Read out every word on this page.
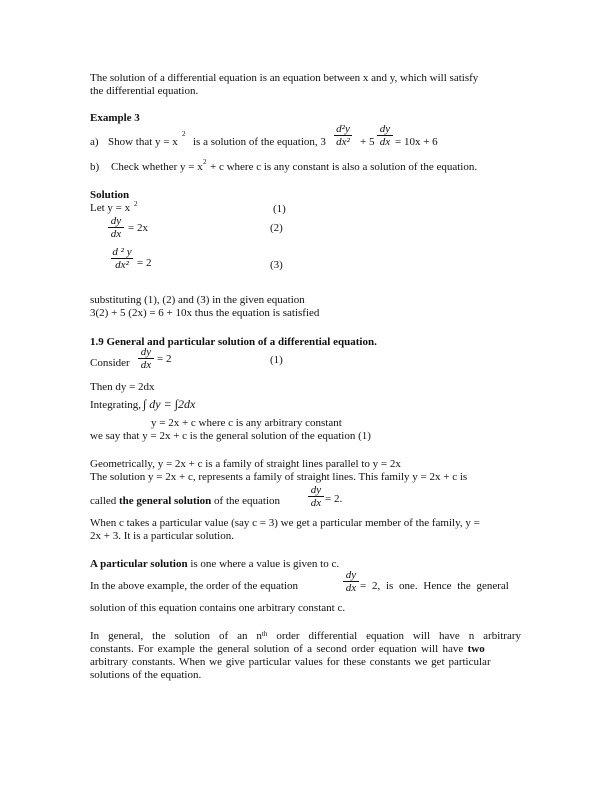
The solution of a differential equation is an equation between x and y, which will satisfy
the differential equation.
Example 3
a) Show that y = x
2
is a solution of the equation, 3
d²y
dx² + 5
dy
dx = 10x + 6
b) Check whether y = x 2 + c where c is any constant is also a solution of the equation.
Solution
Let y = x 2	(1)
dy
dx = 2x	(2)
d ² y
dx² = 2	(3)
substituting (1), (2) and (3) in the given equation
3(2) + 5 (2x) = 6 + 10x thus the equation is satisfied
1.9 General and particular solution of a differential equation.
Consider
dy
dx = 2	(1)
Then dy = 2dx
Integrating, ∫ dy = ∫2dx
y = 2x + c where c is any arbitrary constant
we say that y = 2x + c is the general solution of the equation (1)
Geometrically, y = 2x + c is a family of straight lines parallel to y = 2x
The solution y = 2x + c, represents a family of straight lines. This family y = 2x + c is
called the general solution of the equation
dy
dx = 2.
When c takes a particular value (say c = 3) we get a particular member of the family, y =
2x + 3. It is a particular solution.
A particular solution is one where a value is given to c.
In the above example, the order of the equation
dy
dx = 2, is one. Hence the general
solution of this equation contains one arbitrary constant c.
In general, the solution of an $n^{th}$ order differential equation will have n arbitrary
constants. For example the general solution of a second order equation will have two
arbitrary constants. When we give particular values for these constants we get particular
solutions of the equation.
